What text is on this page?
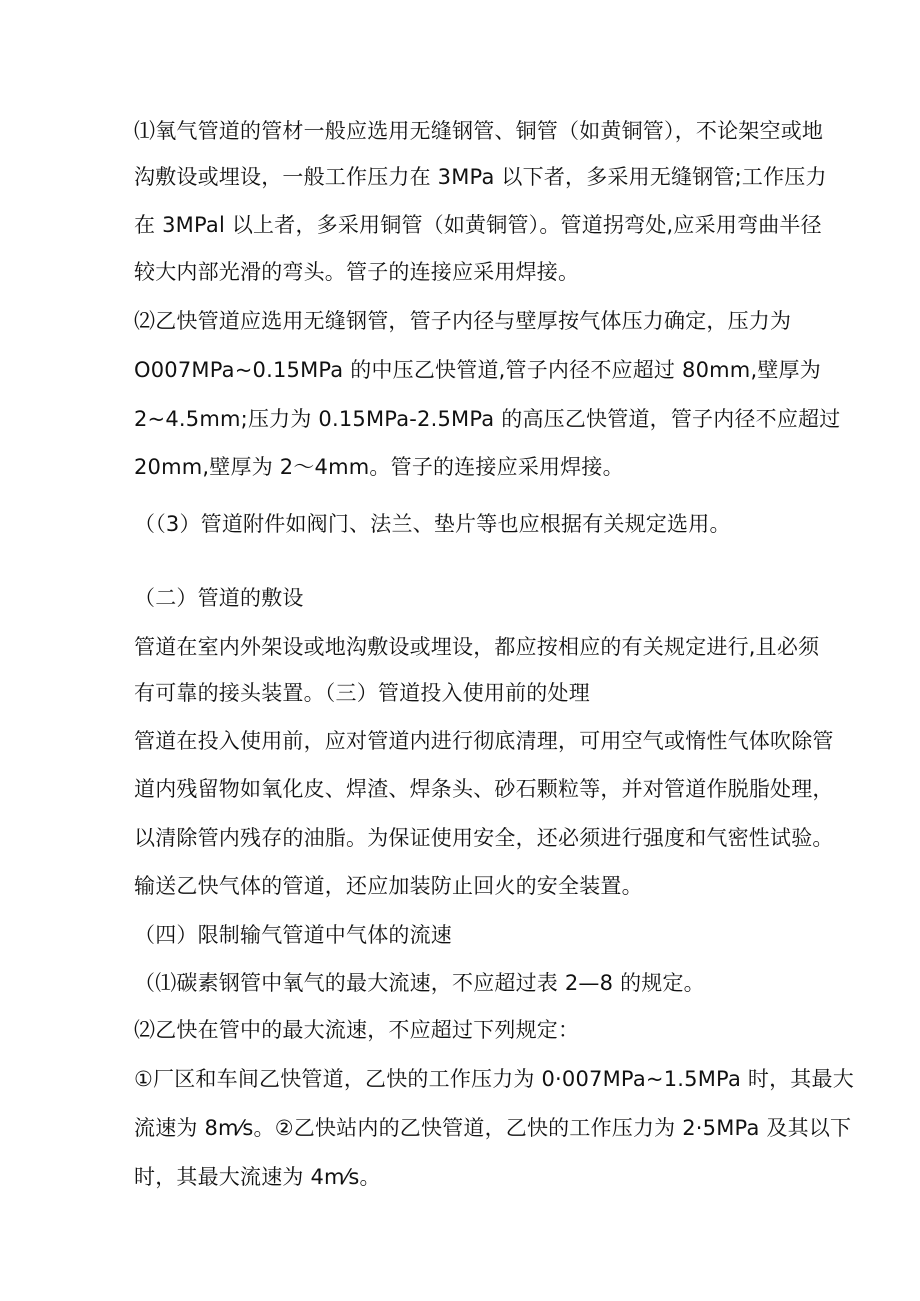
⑴氧气管道的管材一般应选用无缝钢管、铜管（如黄铜管），不论架空或地
沟敷设或埋设，一般工作压力在 3MPa 以下者，多采用无缝钢管;工作压力
在 3MPal 以上者，多采用铜管（如黄铜管）。管道拐弯处,应采用弯曲半径
较大内部光滑的弯头。管子的连接应采用焊接。
⑵乙快管道应选用无缝钢管，管子内径与壁厚按气体压力确定，压力为
O007MPa~0.15MPa 的中压乙快管道,管子内径不应超过 80mm,壁厚为
2~4.5mm;压力为 0.15MPa-2.5MPa 的高压乙快管道，管子内径不应超过
20mm,壁厚为 2～4mm。管子的连接应采用焊接。
（（3）管道附件如阀门、法兰、垫片等也应根据有关规定选用。
（二）管道的敷设
管道在室内外架设或地沟敷设或埋设，都应按相应的有关规定进行,且必须
有可靠的接头装置。（三）管道投入使用前的处理
管道在投入使用前，应对管道内进行彻底清理，可用空气或惰性气体吹除管
道内残留物如氧化皮、焊渣、焊条头、砂石颗粒等，并对管道作脱脂处理，
以清除管内残存的油脂。为保证使用安全，还必须进行强度和气密性试验。
输送乙快气体的管道，还应加装防止回火的安全装置。
（四）限制输气管道中气体的流速
（⑴碳素钢管中氧气的最大流速，不应超过表 2—8 的规定。
⑵乙快在管中的最大流速，不应超过下列规定：
①厂区和车间乙快管道，乙快的工作压力为 0·007MPa~1.5MPa 时，其最大
流速为 8m⁄s。②乙快站内的乙快管道，乙快的工作压力为 2·5MPa 及其以下
时，其最大流速为 4m⁄s。
